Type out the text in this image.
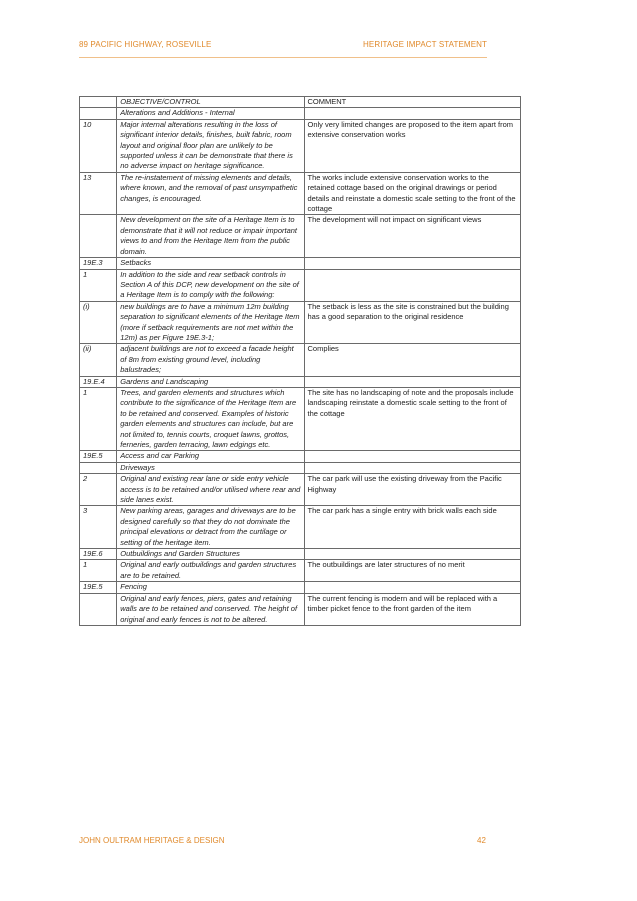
89 PACIFIC HIGHWAY, ROSEVILLE	HERITAGE IMPACT STATEMENT
	OBJECTIVE/CONTROL	COMMENT
	Alterations and Additions - Internal	
10	Major internal alterations resulting in the loss of significant interior details, finishes, built fabric, room layout and original floor plan are unlikely to be supported unless it can be demonstrate that there is no adverse impact on heritage significance.	Only very limited changes are proposed to the item apart from extensive conservation works
13	The re-instatement of missing elements and details, where known, and the removal of past unsympathetic changes, is encouraged.	The works include extensive conservation works to the retained cottage based on the original drawings or period details and reinstate a domestic scale setting to the front of the cottage
	New development on the site of a Heritage Item is to demonstrate that it will not reduce or impair important views to and from the Heritage Item from the public domain.	The development will not impact on significant views
19E.3	Setbacks	
1	In addition to the side and rear setback controls in Section A of this DCP, new development on the site of a Heritage Item is to comply with the following:	
(i)	new buildings are to have a minimum 12m building separation to significant elements of the Heritage Item (more if setback requirements are not met within the 12m) as per Figure 19E.3-1;	The setback is less as the site is constrained but the building has a good separation to the original residence
(ii)	adjacent buildings are not to exceed a facade height of 8m from existing ground level, including balustrades;	Complies
19.E.4	Gardens and Landscaping	
1	Trees, and garden elements and structures which contribute to the significance of the Heritage Item are to be retained and conserved. Examples of historic garden elements and structures can include, but are not limited to, tennis courts, croquet lawns, grottos, ferneries, garden terracing, lawn edgings etc.	The site has no landscaping of note and the proposals include landscaping reinstate a domestic scale setting to the front of the cottage
19E.5	Access and car Parking	
	Driveways	
2	Original and existing rear lane or side entry vehicle access is to be retained and/or utilised where rear and side lanes exist.	The car park will use the existing driveway from the Pacific Highway
3	New parking areas, garages and driveways are to be designed carefully so that they do not dominate the principal elevations or detract from the curtilage or setting of the heritage item.	The car park has a single entry with brick walls each side
19E.6	Outbuildings and Garden Structures	
1	Original and early outbuildings and garden structures are to be retained.	The outbuildings are later structures of no merit
19E.5	Fencing	
	Original and early fences, piers, gates and retaining walls are to be retained and conserved. The height of original and early fences is not to be altered.	The current fencing is modern and will be replaced with a timber picket fence to the front garden of the item
JOHN OULTRAM HERITAGE & DESIGN	42
